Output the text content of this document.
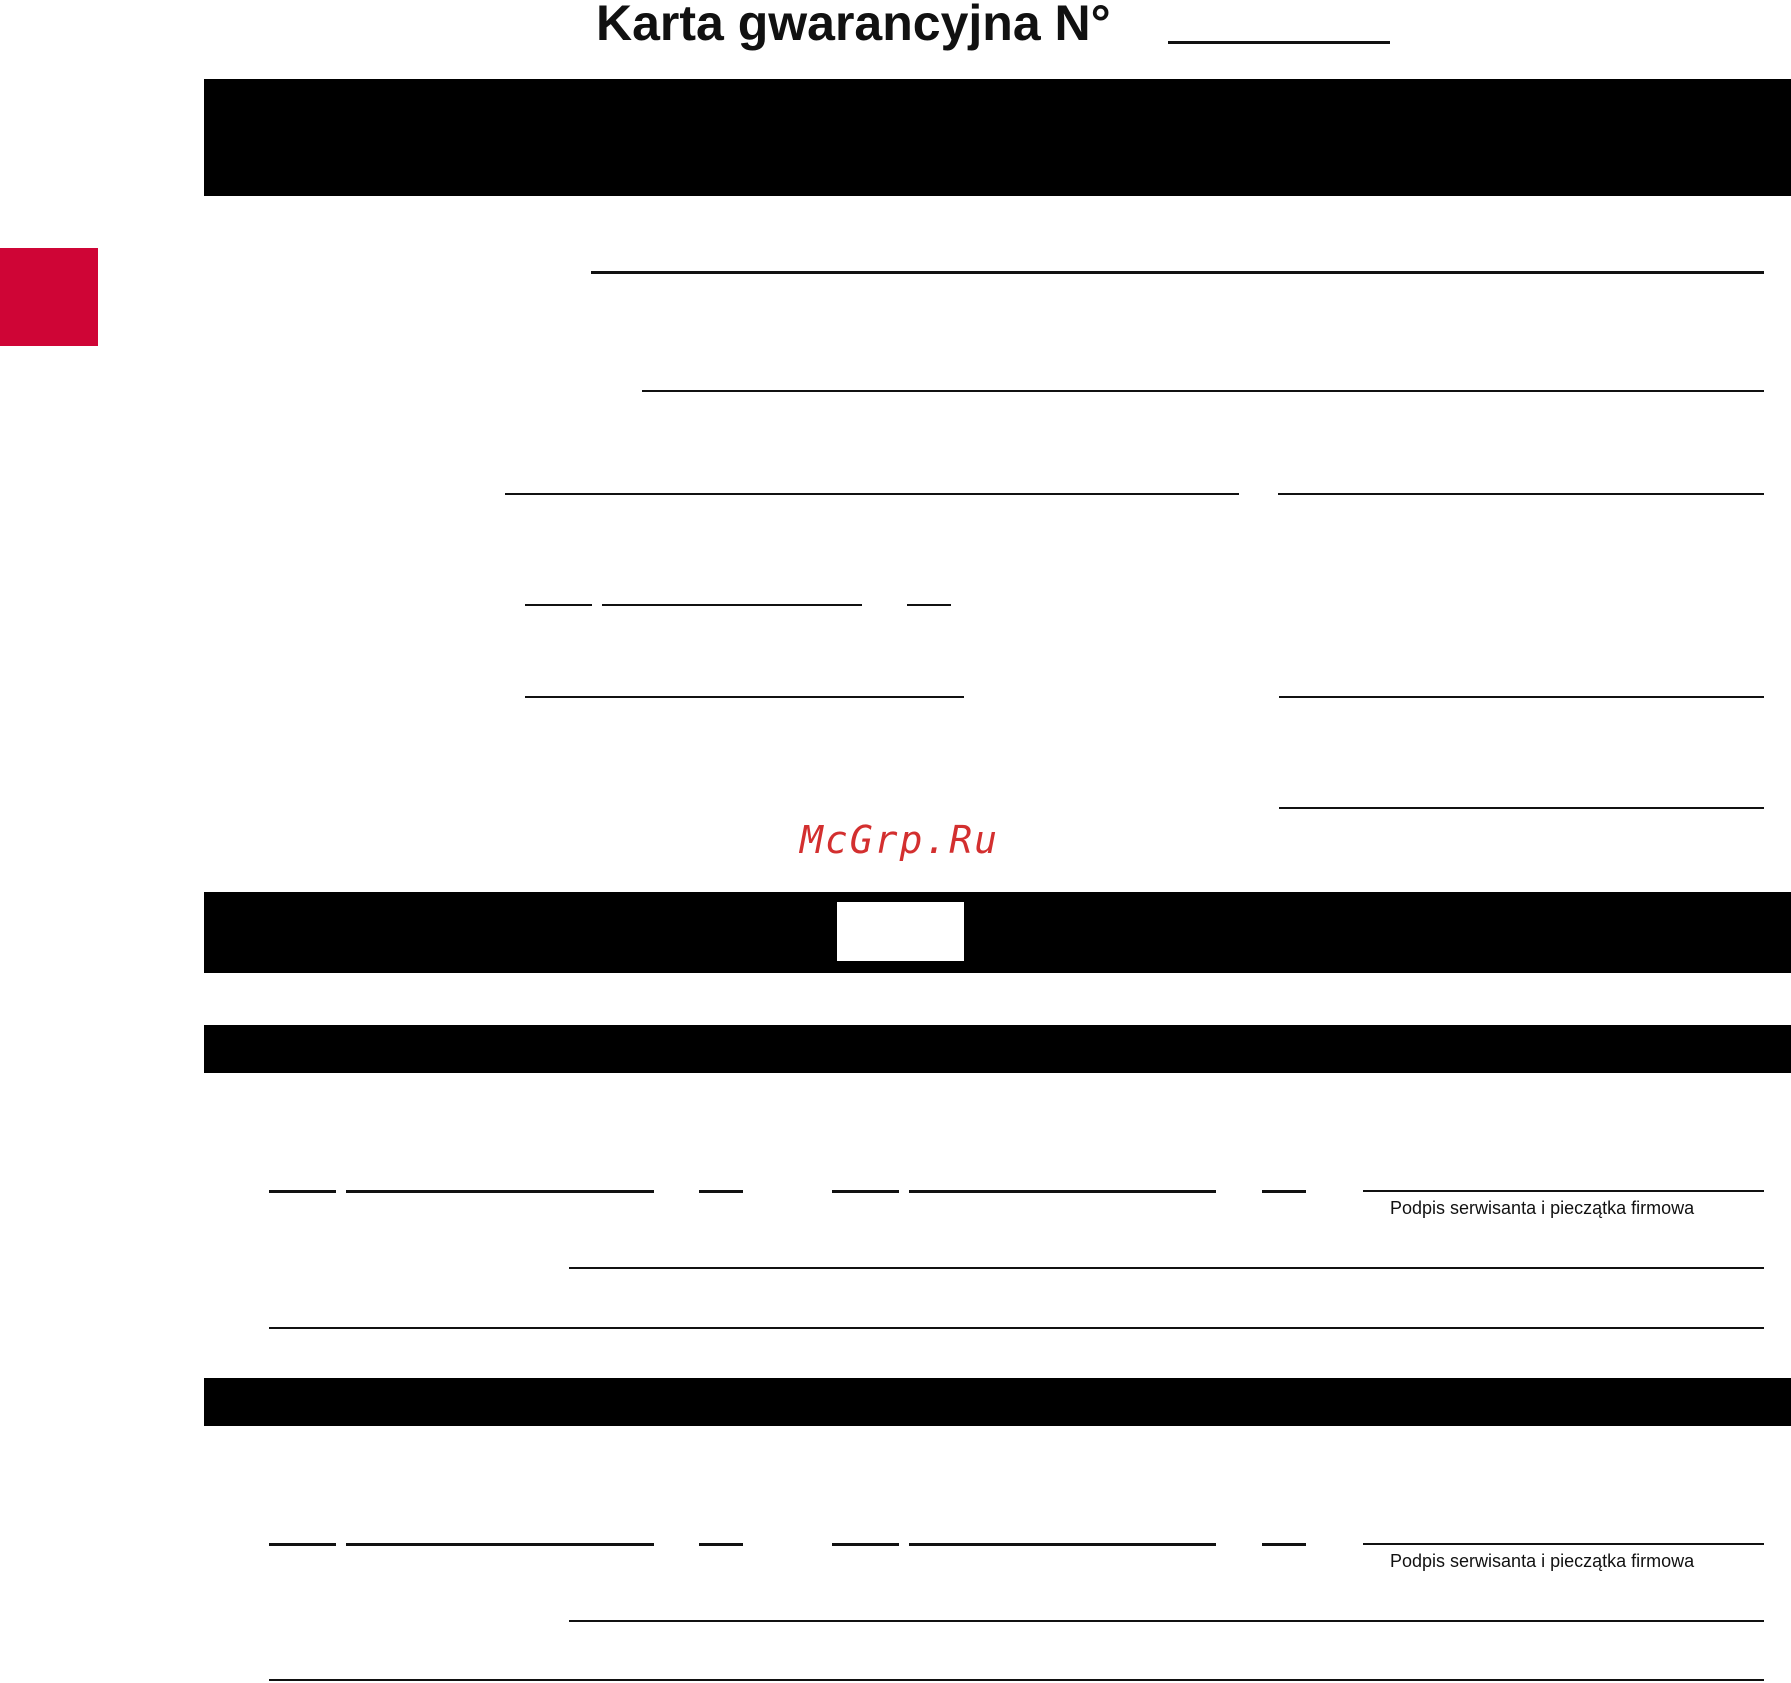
Karta gwarancyjna N°
McGrp.Ru
Podpis serwisanta i pieczątka firmowa
Podpis serwisanta i pieczątka firmowa
